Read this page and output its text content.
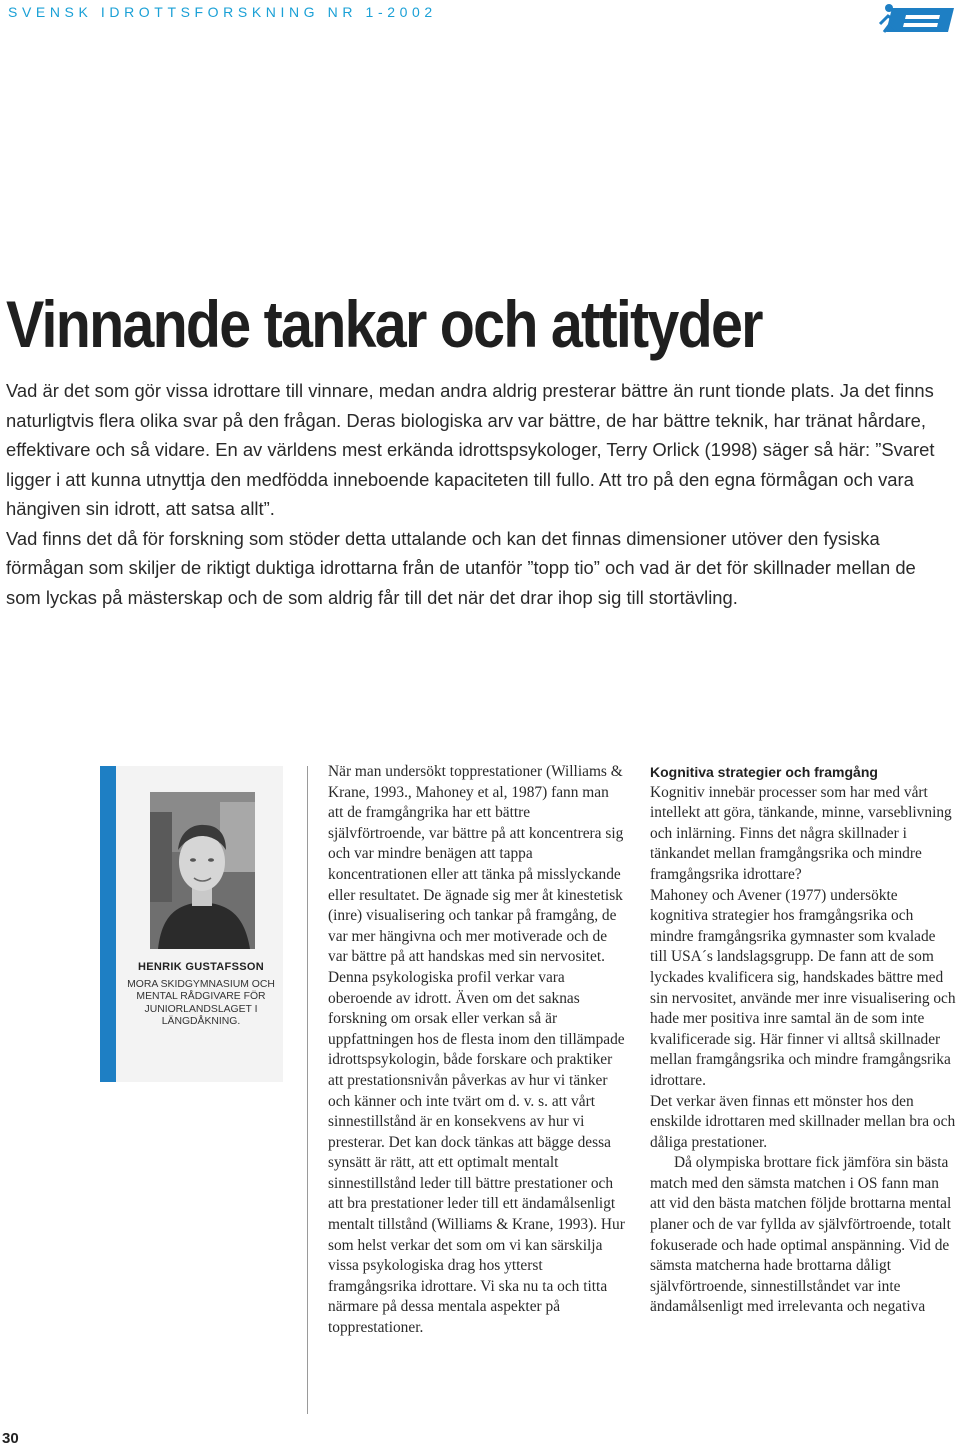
SVENSK IDROTTSFORSKNING NR 1-2002
Vinnande tankar och attityder

Vad är det som gör vissa idrottare till vinnare, medan andra aldrig presterar bättre än runt tionde plats. Ja det finns naturligtvis flera olika svar på den frågan. Deras biologiska arv var bättre, de har bättre teknik, har tränat hårdare, effektivare och så vidare. En av världens mest erkända idrottspsykologer, Terry Orlick (1998) säger så här: ”Svaret ligger i att kunna utnyttja den medfödda inneboende kapaciteten till fullo. Att tro på den egna förmågan och vara hängiven sin idrott, att satsa allt”.

Vad finns det då för forskning som stöder detta uttalande och kan det finnas dimensioner utöver den fysiska förmågan som skiljer de riktigt duktiga idrottarna från de utanför ”topp tio” och vad är det för skillnader mellan de som lyckas på mästerskap och de som aldrig får till det när det drar ihop sig till stortävling.

HENRIK GUSTAFSSON
MORA SKIDGYMNASIUM OCH MENTAL RÅDGIVARE FÖR JUNIORLANDSLAGET I LÄNGDÅKNING.

När man undersökt topprestationer (Williams & Krane, 1993., Mahoney et al, 1987) fann man att de framgångrika har ett bättre självförtroende, var bättre på att koncentrera sig och var mindre benägen att tappa koncentrationen eller att tänka på misslyckande eller resultatet. De ägnade sig mer åt kinestetisk (inre) visualisering och tankar på framgång, de var mer hängivna och mer motiverade och de var bättre på att handskas med sin nervositet. Denna psykologiska profil verkar vara oberoende av idrott. Även om det saknas forskning om orsak eller verkan så är uppfattningen hos de flesta inom den tillämpade idrottspsykologin, både forskare och praktiker att prestationsnivån påverkas av hur vi tänker och känner och inte tvärt om d. v. s. att vårt sinnestillstånd är en konsekvens av hur vi presterar. Det kan dock tänkas att bägge dessa synsätt är rätt, att ett optimalt mentalt sinnestillstånd leder till bättre prestationer och att bra prestationer leder till ett ändamålsenligt mentalt tillstånd (Williams & Krane, 1993). Hur som helst verkar det som om vi kan särskilja vissa psykologiska drag hos ytterst framgångsrika idrottare. Vi ska nu ta och titta närmare på dessa mentala aspekter på topprestationer.

Kognitiva strategier och framgång

Kognitiv innebär processer som har med vårt intellekt att göra, tänkande, minne, varseblivning och inlärning. Finns det några skillnader i tänkandet mellan framgångsrika och mindre framgångsrika idrottare?

Mahoney och Avener (1977) undersökte kognitiva strategier hos framgångsrika och mindre framgångsrika gymnaster som kvalade till USA´s landslagsgrupp. De fann att de som lyckades kvalificera sig, handskades bättre med sin nervositet, använde mer inre visualisering och hade mer positiva inre samtal än de som inte kvalificerade sig. Här finner vi alltså skillnader mellan framgångsrika och mindre framgångsrika idrottare.

Det verkar även finnas ett mönster hos den enskilde idrottaren med skillnader mellan bra och dåliga prestationer.

Då olympiska brottare fick jämföra sin bästa match med den sämsta matchen i OS fann man att vid den bästa matchen följde brottarna mental planer och de var fyllda av självförtroende, totalt fokuserade och hade optimal anspänning. Vid de sämsta matcherna hade brottarna dåligt självförtroende, sinnestillståndet var inte ändamålsenligt med irrelevanta och negativa

30
